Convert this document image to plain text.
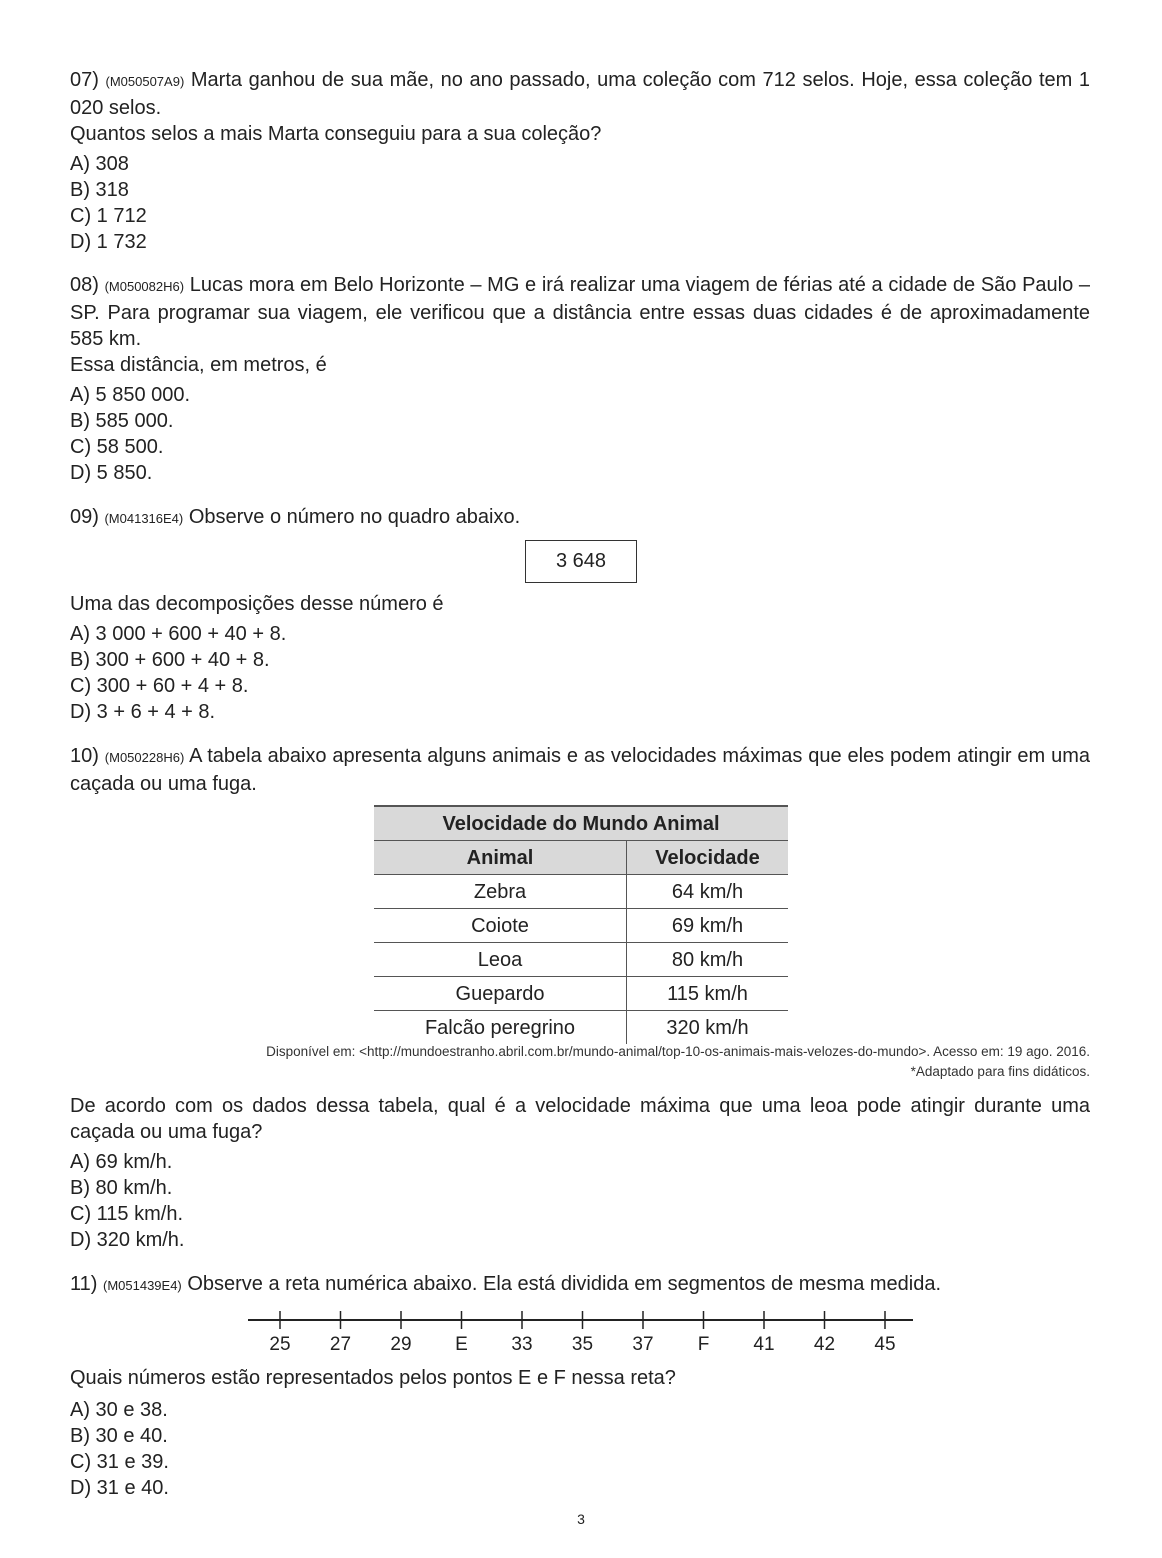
07) (M050507A9) Marta ganhou de sua mãe, no ano passado, uma coleção com 712 selos. Hoje, essa coleção tem 1 020 selos.

Quantos selos a mais Marta conseguiu para a sua coleção?

A) 308
B) 318
C) 1 712
D) 1 732

08) (M050082H6) Lucas mora em Belo Horizonte – MG e irá realizar uma viagem de férias até a cidade de São Paulo – SP. Para programar sua viagem, ele verificou que a distância entre essas duas cidades é de aproximadamente 585 km.

Essa distância, em metros, é

A) 5 850 000.
B) 585 000.
C) 58 500.
D) 5 850.

09) (M041316E4) Observe o número no quadro abaixo.

3 648

Uma das decomposições desse número é

A) 3 000 + 600 + 40 + 8.
B) 300 + 600 + 40 + 8.
C) 300 + 60 + 4 + 8.
D) 3 + 6 + 4 + 8.

10) (M050228H6) A tabela abaixo apresenta alguns animais e as velocidades máximas que eles podem atingir em uma caçada ou uma fuga.

Velocidade do Mundo Animal	
Animal	Velocidade
Zebra	64 km/h
Coiote	69 km/h
Leoa	80 km/h
Guepardo	115 km/h
Falcão peregrino	320 km/h
Disponível em: <http://mundoestranho.abril.com.br/mundo-animal/top-10-os-animais-mais-velozes-do-mundo>. Acesso em: 19 ago. 2016.
*Adaptado para fins didáticos.

De acordo com os dados dessa tabela, qual é a velocidade máxima que uma leoa pode atingir durante uma caçada ou uma fuga?

A) 69 km/h.
B) 80 km/h.
C) 115 km/h.
D) 320 km/h.

11) (M051439E4) Observe a reta numérica abaixo. Ela está dividida em segmentos de mesma medida.

25 27 29 E 33 35 37 F 41 42 45

Quais números estão representados pelos pontos E e F nessa reta?

A) 30 e 38.
B) 30 e 40.
C) 31 e 39.
D) 31 e 40.
3
